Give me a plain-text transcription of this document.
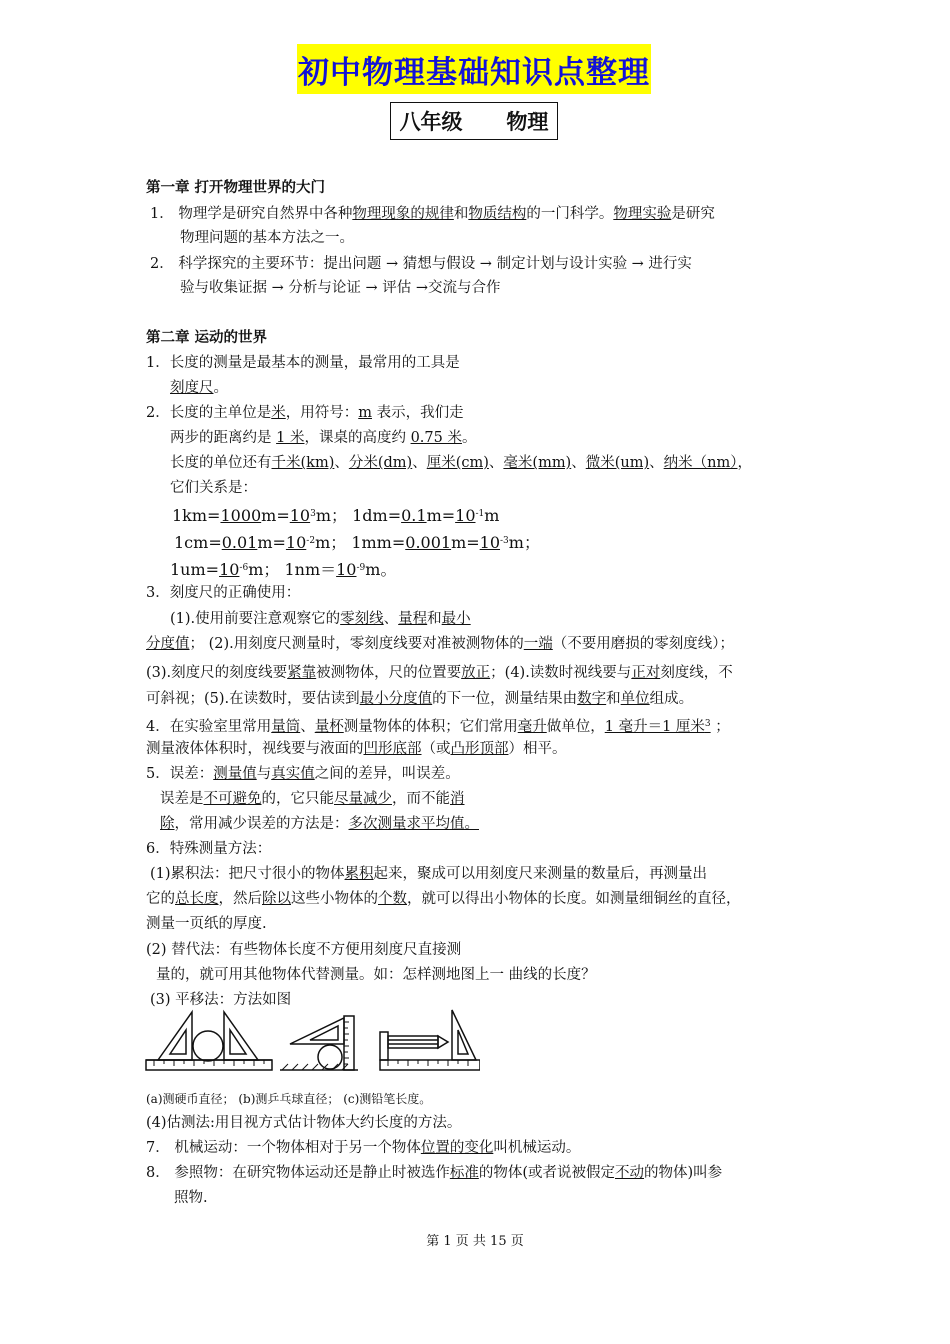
初中物理基础知识点整理
八年级      物理
第一章 打开物理世界的大门
1． 物理学是研究自然界中各种物理现象的规律和物质结构的一门科学。物理实验是研究
物理问题的基本方法之一。
2． 科学探究的主要环节：提出问题 → 猜想与假设 → 制定计划与设计实验 → 进行实
验与收集证据 → 分析与论证 → 评估 →交流与合作
第二章 运动的世界
1．长度的测量是最基本的测量，最常用的工具是
刻度尺。
2．长度的主单位是米，用符号：m 表示，我们走
两步的距离约是 1 米，课桌的高度约 0.75 米。
长度的单位还有千米(km)、分米(dm)、厘米(cm)、毫米(mm)、微米(um)、纳米（nm），
它们关系是：
$1km=1000m=10^3m$； $1dm=0.1m=10^{-1}m$
$1cm=0.01m=10^{-2}m$； $1mm=0.001m=10^{-3}m$；
$1um=10^{-6}m$； $1nm=10^{-9}m$。
3．刻度尺的正确使用：
(1).使用前要注意观察它的零刻线、量程和最小
分度值； (2).用刻度尺测量时，零刻度线要对准被测物体的一端（不要用磨损的零刻度线）；
(3).刻度尺的刻度线要紧靠被测物体，尺的位置要放正；(4).读数时视线要与正对刻度线，不
可斜视；(5).在读数时，要估读到最小分度值的下一位，测量结果由数字和单位组成。
4．在实验室里常用量筒、量杯测量物体的体积；它们常用毫升做单位，1 毫升＝1 厘米$^3$ ；
测量液体体积时，视线要与液面的凹形底部（或凸形顶部）相平。
5．误差：测量值与真实值之间的差异，叫误差。
误差是不可避免的，它只能尽量减少，而不能消
除，常用减少误差的方法是：多次测量求平均值。
6．特殊测量方法：
(1)累积法：把尺寸很小的物体累积起来，聚成可以用刻度尺来测量的数量后，再测量出
它的总长度，然后除以这些小物体的个数，就可以得出小物体的长度。如测量细铜丝的直径，
测量一页纸的厚度.
(2) 替代法：有些物体长度不方便用刻度尺直接测
量的，就可用其他物体代替测量。如：怎样测地图上一 曲线的长度？
(3) 平移法：方法如图
(a)测硬币直径； (b)测乒乓球直径； (c)测铅笔长度。
(4)估测法:用目视方式估计物体大约长度的方法。
7． 机械运动：一个物体相对于另一个物体位置的变化叫机械运动。
8． 参照物：在研究物体运动还是静止时被选作标准的物体(或者说被假定不动的物体)叫参
照物.
第 1 页 共 15 页
